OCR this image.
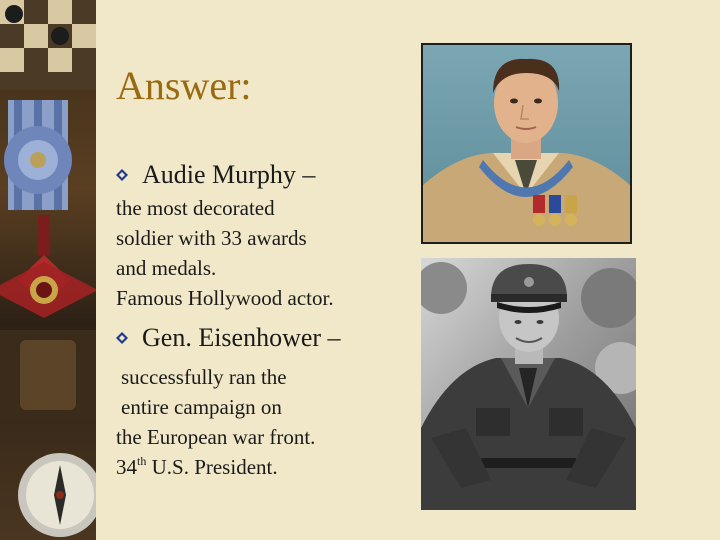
Answer:
Audie Murphy –
the most decorated
soldier with 33 awards
and medals.
Famous Hollywood actor.
Gen. Eisenhower –
successfully ran the
entire campaign on
the European war front.
34th U.S. President.
